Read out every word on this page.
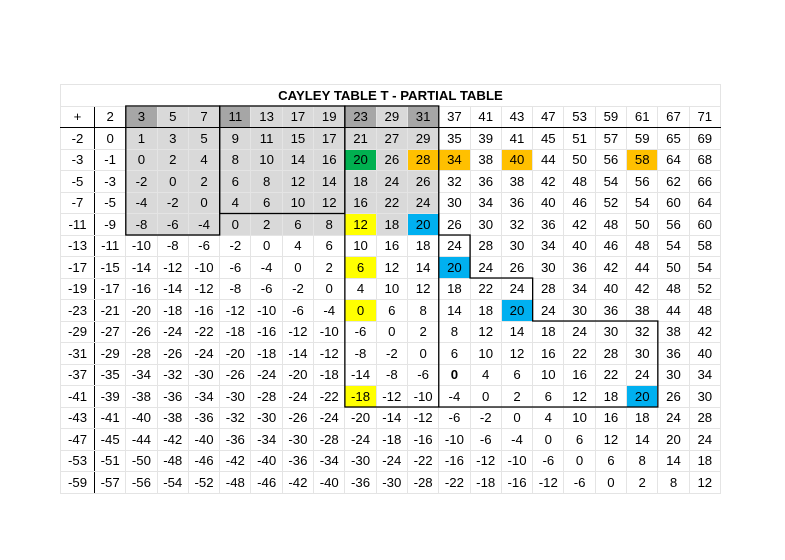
CAYLEY TABLE T - PARTIAL TABLE																				
+	2	3	5	7	11	13	17	19	23	29	31	37	41	43	47	53	59	61	67	71
-2	0	1	3	5	9	11	15	17	21	27	29	35	39	41	45	51	57	59	65	69
-3	-1	0	2	4	8	10	14	16	20	26	28	34	38	40	44	50	56	58	64	68
-5	-3	-2	0	2	6	8	12	14	18	24	26	32	36	38	42	48	54	56	62	66
-7	-5	-4	-2	0	4	6	10	12	16	22	24	30	34	36	40	46	52	54	60	64
-11	-9	-8	-6	-4	0	2	6	8	12	18	20	26	30	32	36	42	48	50	56	60
-13	-11	-10	-8	-6	-2	0	4	6	10	16	18	24	28	30	34	40	46	48	54	58
-17	-15	-14	-12	-10	-6	-4	0	2	6	12	14	20	24	26	30	36	42	44	50	54
-19	-17	-16	-14	-12	-8	-6	-2	0	4	10	12	18	22	24	28	34	40	42	48	52
-23	-21	-20	-18	-16	-12	-10	-6	-4	0	6	8	14	18	20	24	30	36	38	44	48
-29	-27	-26	-24	-22	-18	-16	-12	-10	-6	0	2	8	12	14	18	24	30	32	38	42
-31	-29	-28	-26	-24	-20	-18	-14	-12	-8	-2	0	6	10	12	16	22	28	30	36	40
-37	-35	-34	-32	-30	-26	-24	-20	-18	-14	-8	-6	0	4	6	10	16	22	24	30	34
-41	-39	-38	-36	-34	-30	-28	-24	-22	-18	-12	-10	-4	0	2	6	12	18	20	26	30
-43	-41	-40	-38	-36	-32	-30	-26	-24	-20	-14	-12	-6	-2	0	4	10	16	18	24	28
-47	-45	-44	-42	-40	-36	-34	-30	-28	-24	-18	-16	-10	-6	-4	0	6	12	14	20	24
-53	-51	-50	-48	-46	-42	-40	-36	-34	-30	-24	-22	-16	-12	-10	-6	0	6	8	14	18
-59	-57	-56	-54	-52	-48	-46	-42	-40	-36	-30	-28	-22	-18	-16	-12	-6	0	2	8	12
